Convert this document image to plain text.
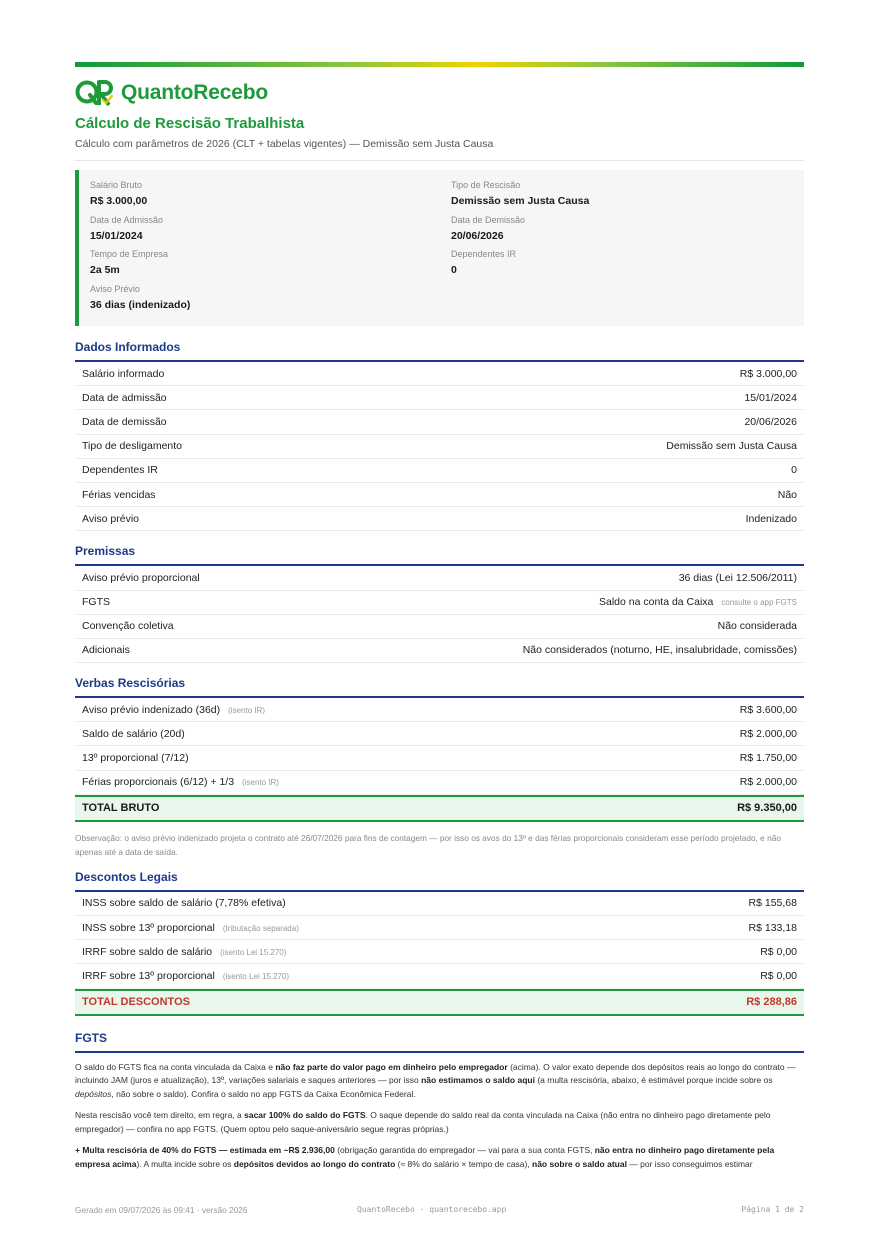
QuantoRecebo
Cálculo de Rescisão Trabalhista
Cálculo com parâmetros de 2026 (CLT + tabelas vigentes) — Demissão sem Justa Causa
Salário Bruto
R$ 3.000,00
Tipo de Rescisão
Demissão sem Justa Causa
Data de Admissão
15/01/2024
Data de Demissão
20/06/2026
Tempo de Empresa
2a 5m
Dependentes IR
0
Aviso Prévio
36 dias (indenizado)
Dados Informados
Salário informado	R$ 3.000,00
Data de admissão	15/01/2024
Data de demissão	20/06/2026
Tipo de desligamento	Demissão sem Justa Causa
Dependentes IR	0
Férias vencidas	Não
Aviso prévio	Indenizado
Premissas
Aviso prévio proporcional	36 dias (Lei 12.506/2011)
FGTS	Saldo na conta da Caixa consulte o app FGTS
Convenção coletiva	Não considerada
Adicionais	Não considerados (noturno, HE, insalubridade, comissões)
Verbas Rescisórias
Aviso prévio indenizado (36d) (isento IR)	R$ 3.600,00
Saldo de salário (20d)	R$ 2.000,00
13º proporcional (7/12)	R$ 1.750,00
Férias proporcionais (6/12) + 1/3 (isento IR)	R$ 2.000,00
TOTAL BRUTO	R$ 9.350,00
Observação: o aviso prévio indenizado projeta o contrato até 26/07/2026 para fins de contagem — por isso os avos do 13º e das férias proporcionais consideram esse período projetado, e não apenas até a data de saída.
Descontos Legais
INSS sobre saldo de salário (7,78% efetiva)	R$ 155,68
INSS sobre 13º proporcional (tributação separada)	R$ 133,18
IRRF sobre saldo de salário (isento Lei 15.270)	R$ 0,00
IRRF sobre 13º proporcional (isento Lei 15.270)	R$ 0,00
TOTAL DESCONTOS	R$ 288,86
FGTS

O saldo do FGTS fica na conta vinculada da Caixa e não faz parte do valor pago em dinheiro pelo empregador (acima). O valor exato depende dos depósitos reais ao longo do contrato — incluindo JAM (juros e atualização), 13º, variações salariais e saques anteriores — por isso não estimamos o saldo aqui (a multa rescisória, abaixo, é estimável porque incide sobre os depósitos, não sobre o saldo). Confira o saldo no app FGTS da Caixa Econômica Federal.

Nesta rescisão você tem direito, em regra, a sacar 100% do saldo do FGTS. O saque depende do saldo real da conta vinculada na Caixa (não entra no dinheiro pago diretamente pelo empregador) — confira no app FGTS. (Quem optou pelo saque-aniversário segue regras próprias.)

+ Multa rescisória de 40% do FGTS — estimada em ~R$ 2.936,00 (obrigação garantida do empregador — vai para a sua conta FGTS, não entra no dinheiro pago diretamente pela empresa acima). A multa incide sobre os depósitos devidos ao longo do contrato (≈ 8% do salário × tempo de casa), não sobre o saldo atual — por isso conseguimos estimar

Gerado em 09/07/2026 às 09:41 · versão 2026	QuantoRecebo · quantorecebo.app	Página 1 de 2
